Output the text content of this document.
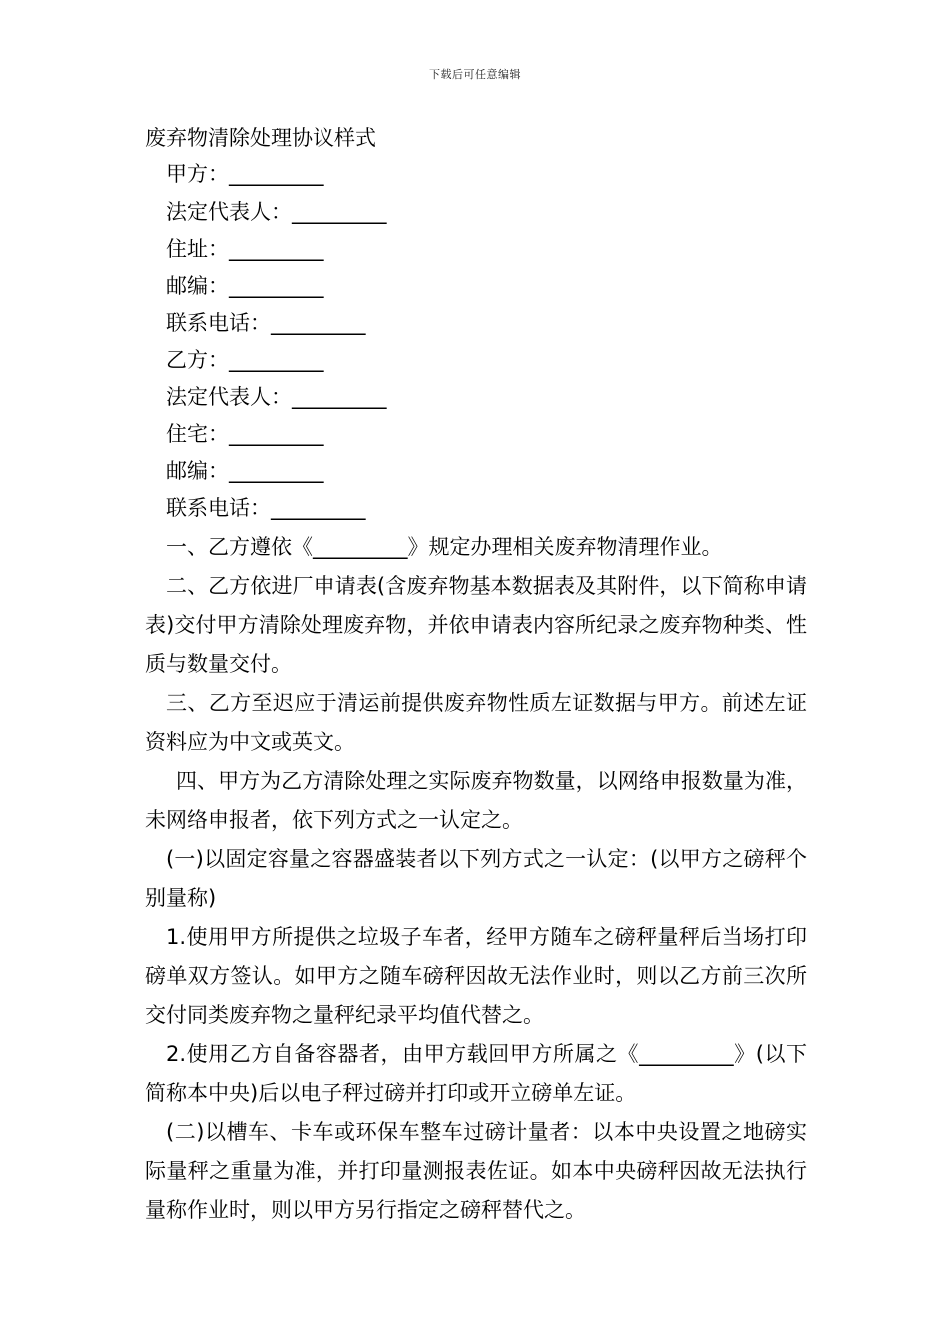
下载后可任意编辑
废弃物清除处理协议样式
甲方：_________
法定代表人：_________
住址：_________
邮编：_________
联系电话：_________
乙方：_________
法定代表人：_________
住宅：_________
邮编：_________
联系电话：_________

一、乙方遵依《_________》规定办理相关废弃物清理作业。

二、乙方依进厂申请表(含废弃物基本数据表及其附件，以下简称申请表)交付甲方清除处理废弃物，并依申请表内容所纪录之废弃物种类、性质与数量交付。

三、乙方至迟应于清运前提供废弃物性质左证数据与甲方。前述左证资料应为中文或英文。

四、甲方为乙方清除处理之实际废弃物数量，以网络申报数量为准，未网络申报者，依下列方式之一认定之。

(一)以固定容量之容器盛装者以下列方式之一认定：(以甲方之磅秤个别量称)

1.使用甲方所提供之垃圾子车者，经甲方随车之磅秤量秤后当场打印磅单双方签认。如甲方之随车磅秤因故无法作业时，则以乙方前三次所交付同类废弃物之量秤纪录平均值代替之。

2.使用乙方自备容器者，由甲方载回甲方所属之《_________》(以下简称本中央)后以电子秤过磅并打印或开立磅单左证。

(二)以槽车、卡车或环保车整车过磅计量者：以本中央设置之地磅实际量秤之重量为准，并打印量测报表佐证。如本中央磅秤因故无法执行量称作业时，则以甲方另行指定之磅秤替代之。
